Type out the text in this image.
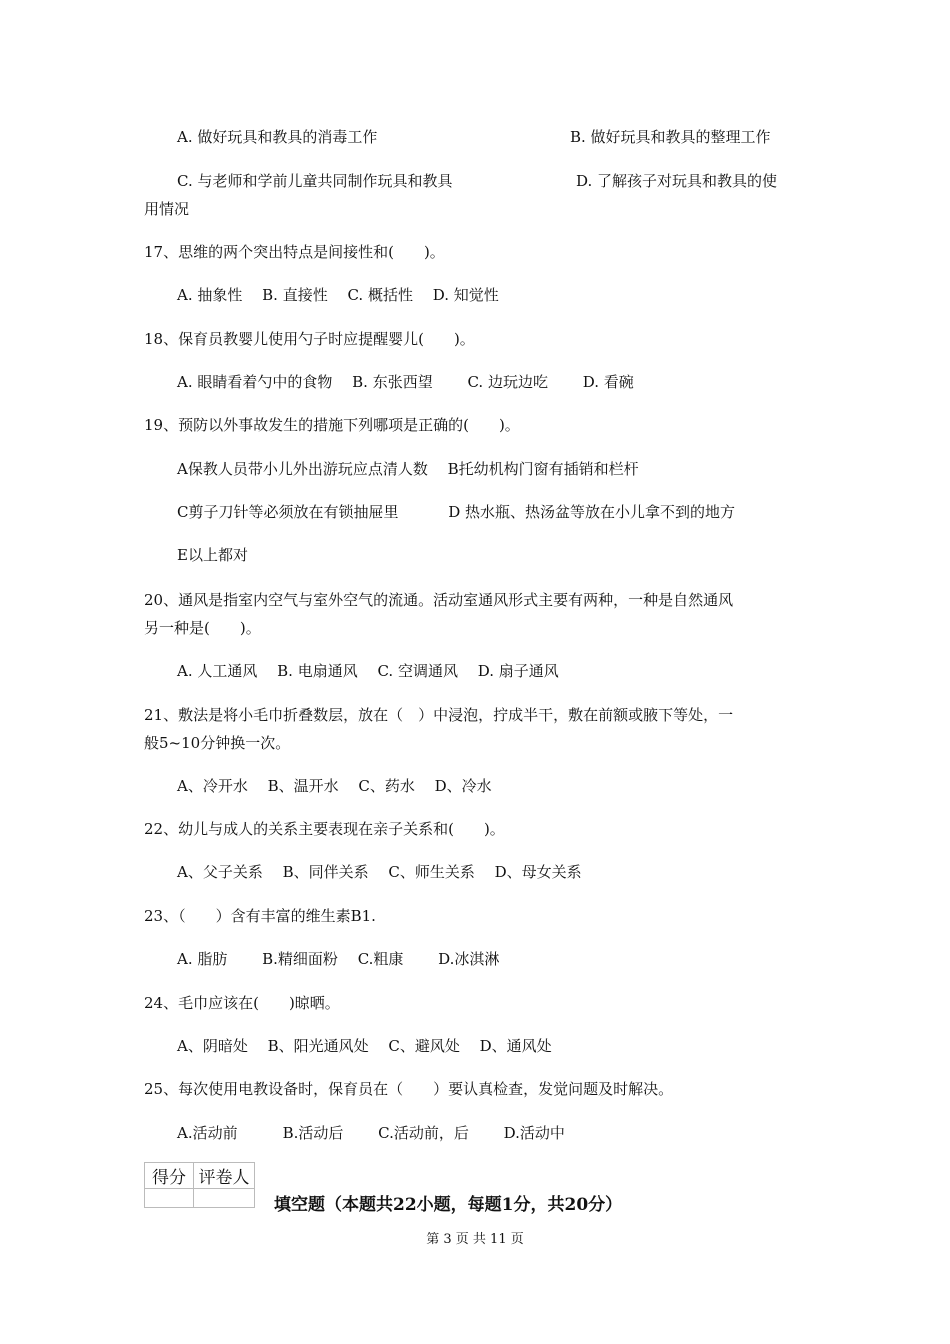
A. 做好玩具和教具的消毒工作	B. 做好玩具和教具的整理工作
C. 与老师和学前儿童共同制作玩具和教具	D. 了解孩子对玩具和教具的使
用情况
17、思维的两个突出特点是间接性和(　　)。
A. 抽象性　 B. 直接性　 C. 概括性　 D. 知觉性
18、保育员教婴儿使用勺子时应提醒婴儿(　　)。
A. 眼睛看着勺中的食物　 B. 东张西望　　 C. 边玩边吃　　 D. 看碗
19、预防以外事故发生的措施下列哪项是正确的(　　)。
A保教人员带小儿外出游玩应点清人数　 B托幼机构门窗有插销和栏杆
C剪子刀针等必须放在有锁抽屉里　　　 D 热水瓶、热汤盆等放在小儿拿不到的地方
E以上都对
20、通风是指室内空气与室外空气的流通。活动室通风形式主要有两种，一种是自然通风
另一种是(　　)。
A. 人工通风　 B. 电扇通风　 C. 空调通风　 D. 扇子通风
21、敷法是将小毛巾折叠数层，放在（　）中浸泡，拧成半干，敷在前额或腋下等处，一
般5~10分钟换一次。
A、冷开水　 B、温开水　 C、药水　 D、冷水
22、幼儿与成人的关系主要表现在亲子关系和(　　)。
A、父子关系　 B、同伴关系　 C、师生关系　 D、母女关系
23、（　　）含有丰富的维生素B1.
A. 脂肪　　 B.精细面粉　 C.粗康　　 D.冰淇淋
24、毛巾应该在(　　)晾晒。
A、阴暗处　 B、阳光通风处　 C、避风处　 D、通风处
25、每次使用电教设备时，保育员在（　　）要认真检查，发觉问题及时解决。
A.活动前　　　B.活动后　　 C.活动前，后　　 D.活动中
得分	评卷人

填空题（本题共22小题，每题1分，共20分）
第 3 页 共 11 页
